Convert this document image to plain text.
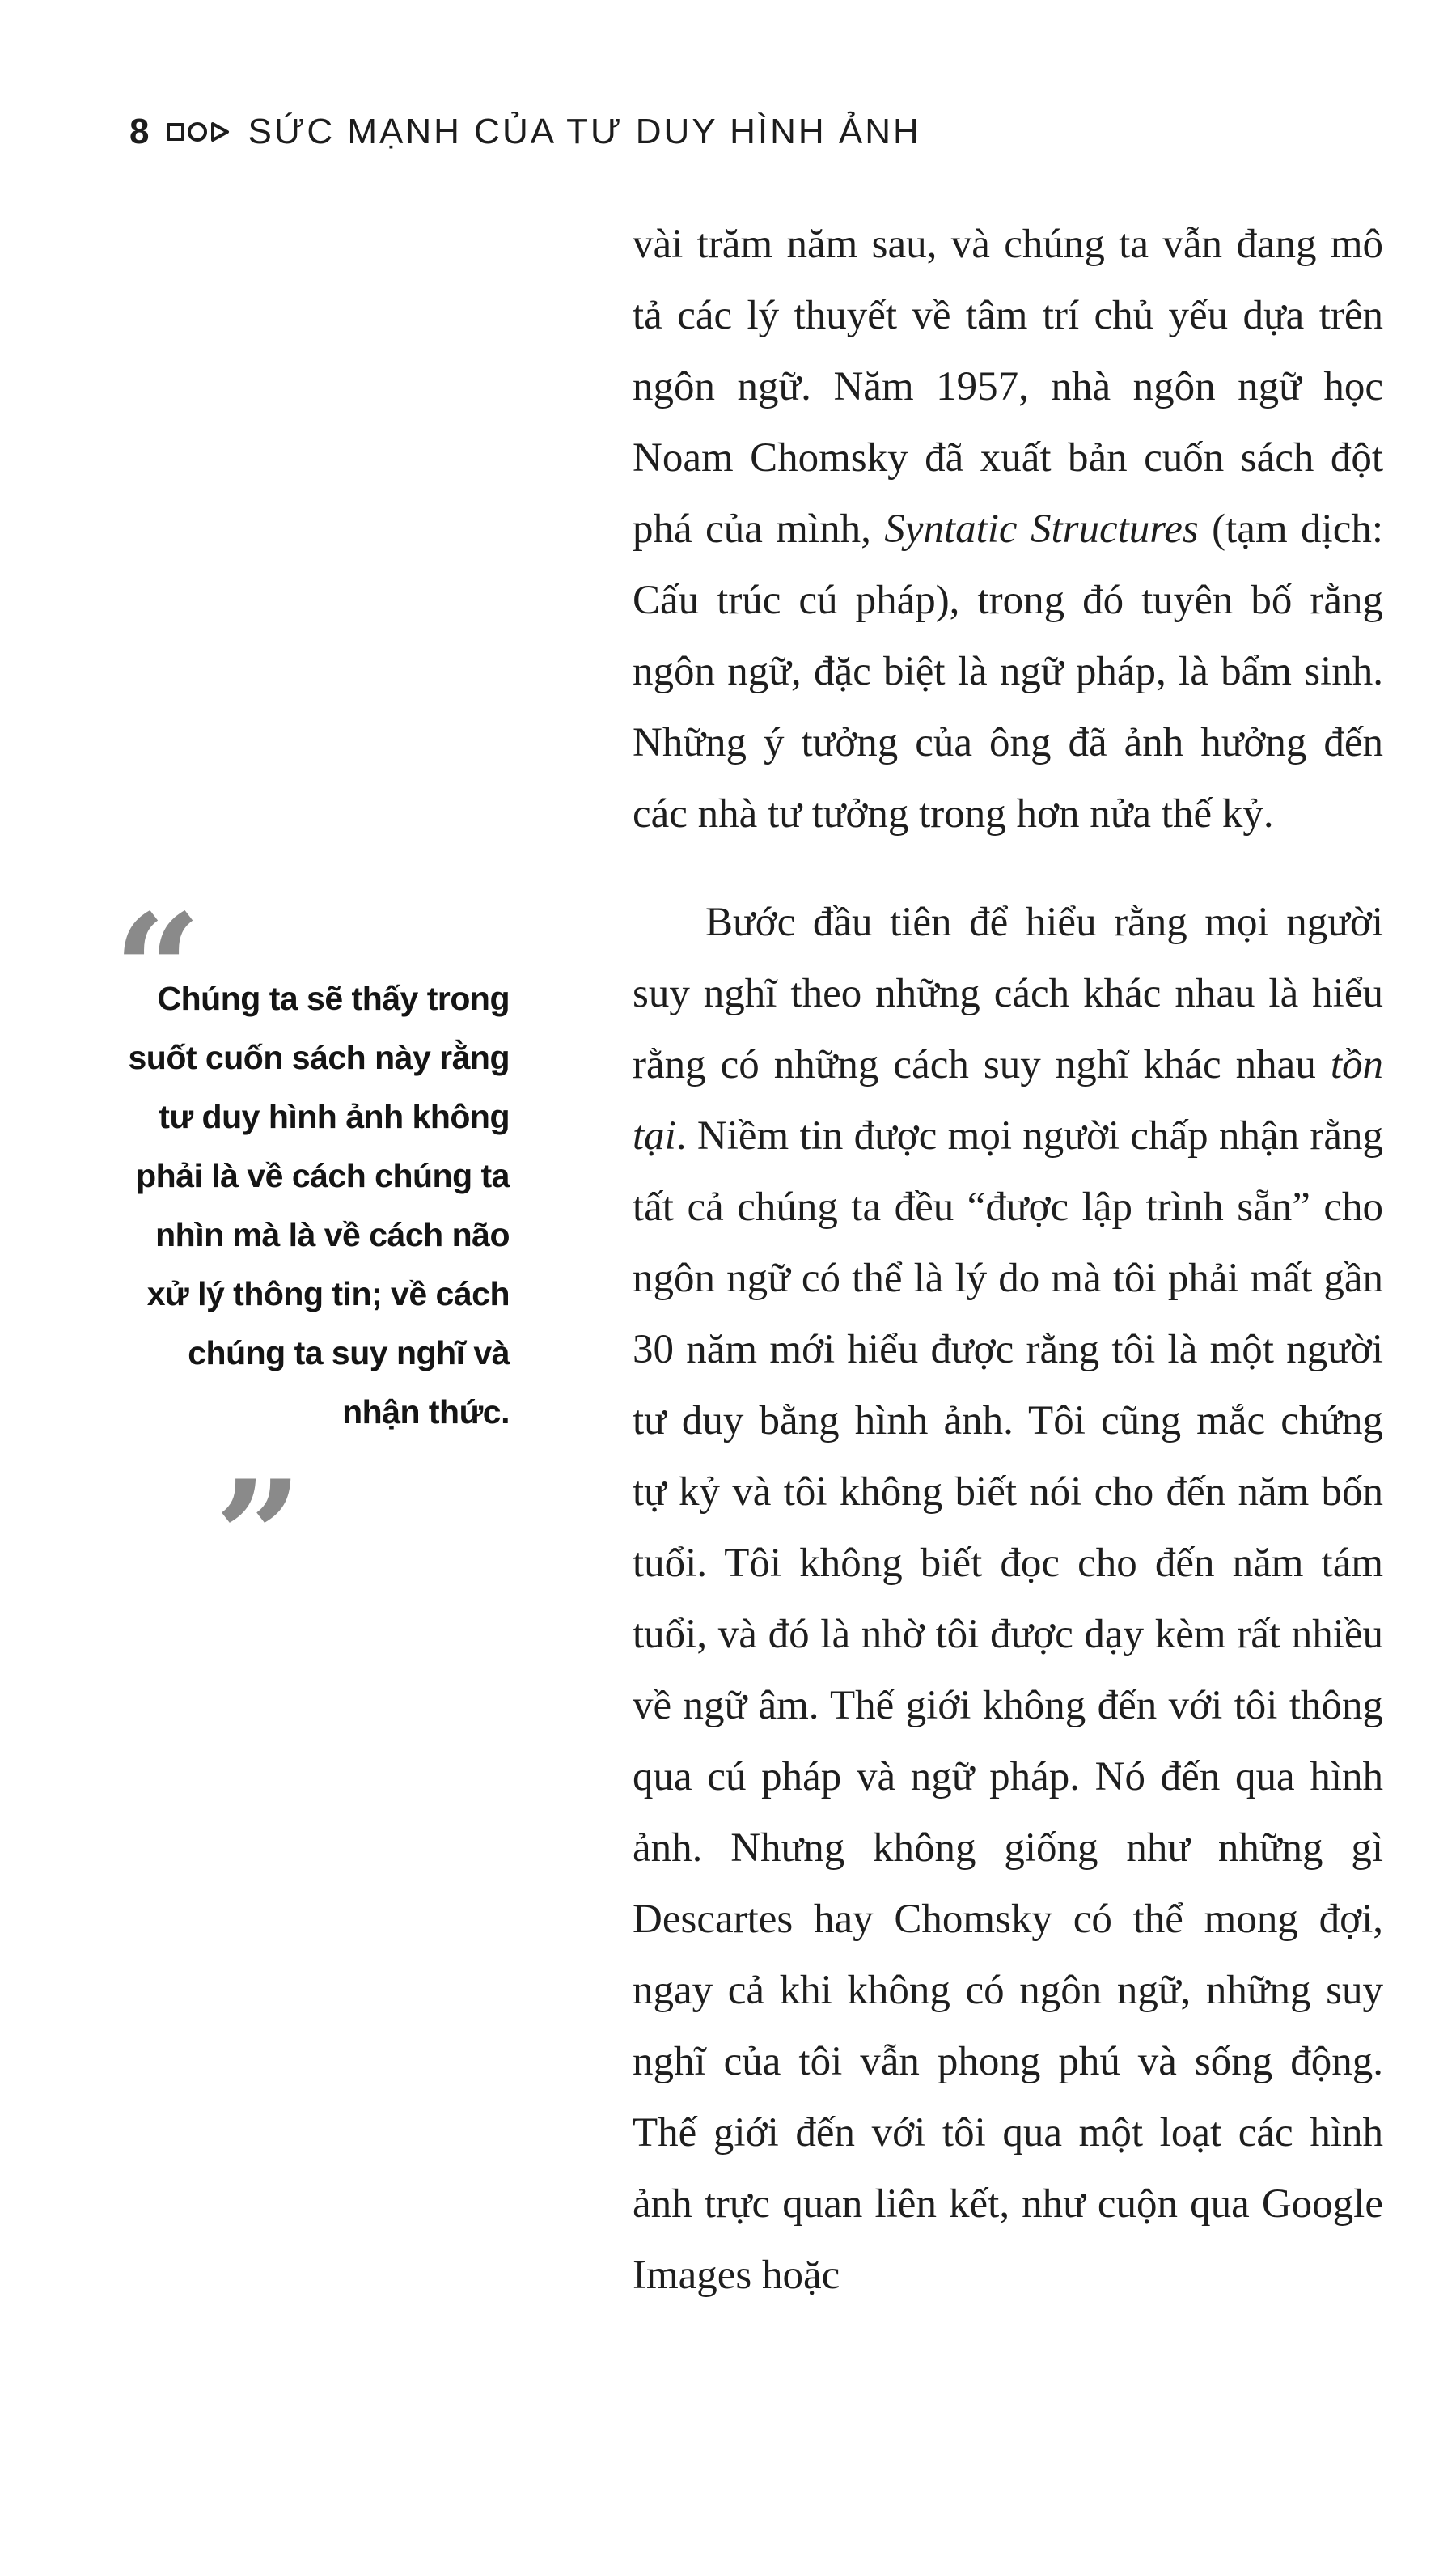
8	SỨC MẠNH CỦA TƯ DUY HÌNH ẢNH

vài trăm năm sau, và chúng ta vẫn đang mô tả các lý thuyết về tâm trí chủ yếu dựa trên ngôn ngữ. Năm 1957, nhà ngôn ngữ học Noam Chomsky đã xuất bản cuốn sách đột phá của mình, Syntatic Structures (tạm dịch: Cấu trúc cú pháp), trong đó tuyên bố rằng ngôn ngữ, đặc biệt là ngữ pháp, là bẩm sinh. Những ý tưởng của ông đã ảnh hưởng đến các nhà tư tưởng trong hơn nửa thế kỷ.

Bước đầu tiên để hiểu rằng mọi người suy nghĩ theo những cách khác nhau là hiểu rằng có những cách suy nghĩ khác nhau tồn tại. Niềm tin được mọi người chấp nhận rằng tất cả chúng ta đều “được lập trình sẵn” cho ngôn ngữ có thể là lý do mà tôi phải mất gần 30 năm mới hiểu được rằng tôi là một người tư duy bằng hình ảnh. Tôi cũng mắc chứng tự kỷ và tôi không biết nói cho đến năm bốn tuổi. Tôi không biết đọc cho đến năm tám tuổi, và đó là nhờ tôi được dạy kèm rất nhiều về ngữ âm. Thế giới không đến với tôi thông qua cú pháp và ngữ pháp. Nó đến qua hình ảnh. Nhưng không giống như những gì Descartes hay Chomsky có thể mong đợi, ngay cả khi không có ngôn ngữ, những suy nghĩ của tôi vẫn phong phú và sống động. Thế giới đến với tôi qua một loạt các hình ảnh trực quan liên kết, như cuộn qua Google Images hoặc

“

Chúng ta sẽ thấy trong suốt cuốn sách này rằng tư duy hình ảnh không phải là về cách chúng ta nhìn mà là về cách não xử lý thông tin; về cách chúng ta suy nghĩ và nhận thức.

”
